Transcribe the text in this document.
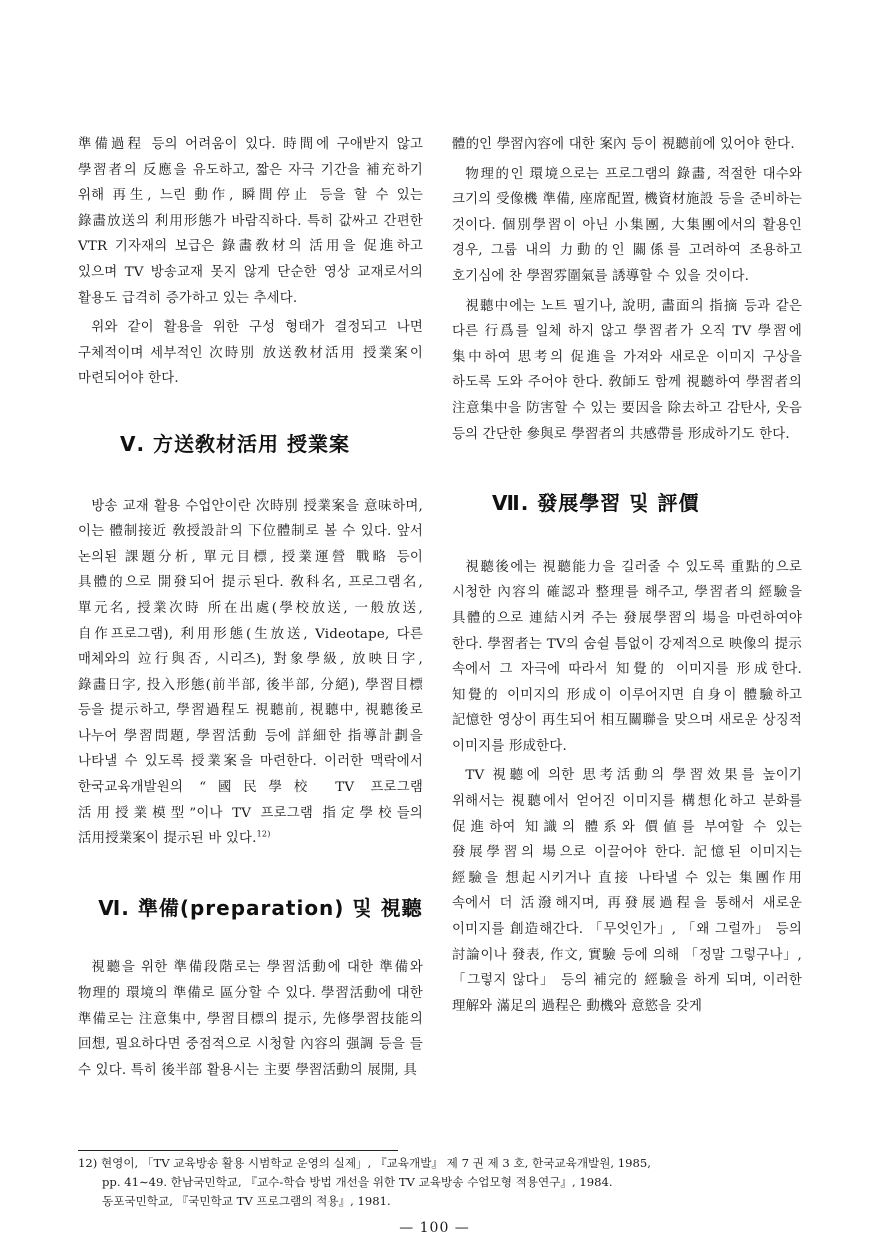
準備過程 등의 어려움이 있다. 時間에 구애받지 않고 學習者의 反應을 유도하고, 짧은 자극 기간을 補充하기 위해 再生, 느린 動作, 瞬間停止 등을 할 수 있는 錄畵放送의 利用形態가 바람직하다. 특히 값싸고 간편한 VTR 기자재의 보급은 錄畵敎材의 活用을 促進하고 있으며 TV 방송교재 못지 않게 단순한 영상 교재로서의 활용도 급격히 증가하고 있는 추세다.

위와 같이 활용을 위한 구성 형태가 결정되고 나면 구체적이며 세부적인 次時別 放送敎材活用 授業案이 마련되어야 한다.

Ⅴ. 方送敎材活用 授業案

방송 교재 활용 수업안이란 次時別 授業案을 意味하며, 이는 體制接近 敎授設計의 下位體制로 볼 수 있다. 앞서 논의된 課題分析, 單元目標, 授業運營 戰略 등이 具體的으로 開發되어 提示된다. 敎科名, 프로그램名, 單元名, 授業次時 所在出處(學校放送, 一般放送, 自作프로그램), 利用形態(生放送, Videotape, 다른 매체와의 竝行與否, 시리즈), 對象學級, 放映日字, 錄畵日字, 投入形態(前半部, 後半部, 分絕), 學習目標 등을 提示하고, 學習過程도 視聽前, 視聽中, 視聽後로 나누어 學習問題, 學習活動 등에 詳細한 指導計劃을 나타낼 수 있도록 授業案을 마련한다. 이러한 맥락에서 한국교육개발원의 “國民學校 TV 프로그램 活用授業模型”이나 TV 프로그램 指定學校들의 活用授業案이 提示된 바 있다.$^{12)}$

Ⅵ. 準備(preparation) 및 視聽

視聽을 위한 準備段階로는 學習活動에 대한 準備와 物理的 環境의 準備로 區分할 수 있다. 學習活動에 대한 準備로는 注意集中, 學習目標의 提示, 先修學習技能의 回想, 필요하다면 중점적으로 시청할 內容의 强調 등을 들 수 있다. 특히 後半部 활용시는 主要 學習活動의 展開, 具

體的인 學習內容에 대한 案內 등이 視聽前에 있어야 한다.

物理的인 環境으로는 프로그램의 錄畵, 적절한 대수와 크기의 受像機 準備, 座席配置, 機資材施設 등을 준비하는 것이다. 個別學習이 아닌 小集團, 大集團에서의 활용인 경우, 그룹 내의 力動的인 關係를 고려하여 조용하고 호기심에 찬 學習雰圍氣를 誘導할 수 있을 것이다.

視聽中에는 노트 필기나, 說明, 畵面의 指摘 등과 같은 다른 行爲를 일체 하지 않고 學習者가 오직 TV 學習에 集中하여 思考의 促進을 가져와 새로운 이미지 구상을 하도록 도와 주어야 한다. 敎師도 함께 視聽하여 學習者의 注意集中을 防害할 수 있는 要因을 除去하고 감탄사, 웃음 등의 간단한 參與로 學習者의 共感帶를 形成하기도 한다.

Ⅶ. 發展學習 및 評價

視聽後에는 視聽能力을 길러줄 수 있도록 重點的으로 시청한 內容의 確認과 整理를 해주고, 學習者의 經驗을 具體的으로 連結시켜 주는 發展學習의 場을 마련하여야 한다. 學習者는 TV의 숨쉴 틈없이 강제적으로 映像의 提示 속에서 그 자극에 따라서 知覺的 이미지를 形成한다. 知覺的 이미지의 形成이 이루어지면 自身이 體驗하고 記憶한 영상이 再生되어 相互關聯을 맞으며 새로운 상징적 이미지를 形成한다.

TV 視聽에 의한 思考活動의 學習效果를 높이기 위해서는 視聽에서 얻어진 이미지를 構想化하고 분화를 促進하여 知識의 體系와 價値를 부여할 수 있는 發展學習의 場으로 이끌어야 한다. 記憶된 이미지는 經驗을 想起시키거나 直接 나타낼 수 있는 集團作用 속에서 더 活潑해지며, 再發展過程을 통해서 새로운 이미지를 創造해간다. 「무엇인가」, 「왜 그럴까」 등의 討論이나 發表, 作文, 實驗 등에 의해 「정말 그렇구나」, 「그렇지 않다」 등의 補完的 經驗을 하게 되며, 이러한 理解와 滿足의 過程은 動機와 意慾을 갖게

12) 현영이, 「TV 교육방송 활용 시범학교 운영의 실제」, 『교육개발』 제 7 권 제 3 호, 한국교육개발원, 1985,
pp. 41∼49. 한남국민학교, 『교수-학습 방법 개선을 위한 TV 교육방송 수업모형 적용연구』, 1984.
동포국민학교, 『국민학교 TV 프로그램의 적용』, 1981.
— 100 —
